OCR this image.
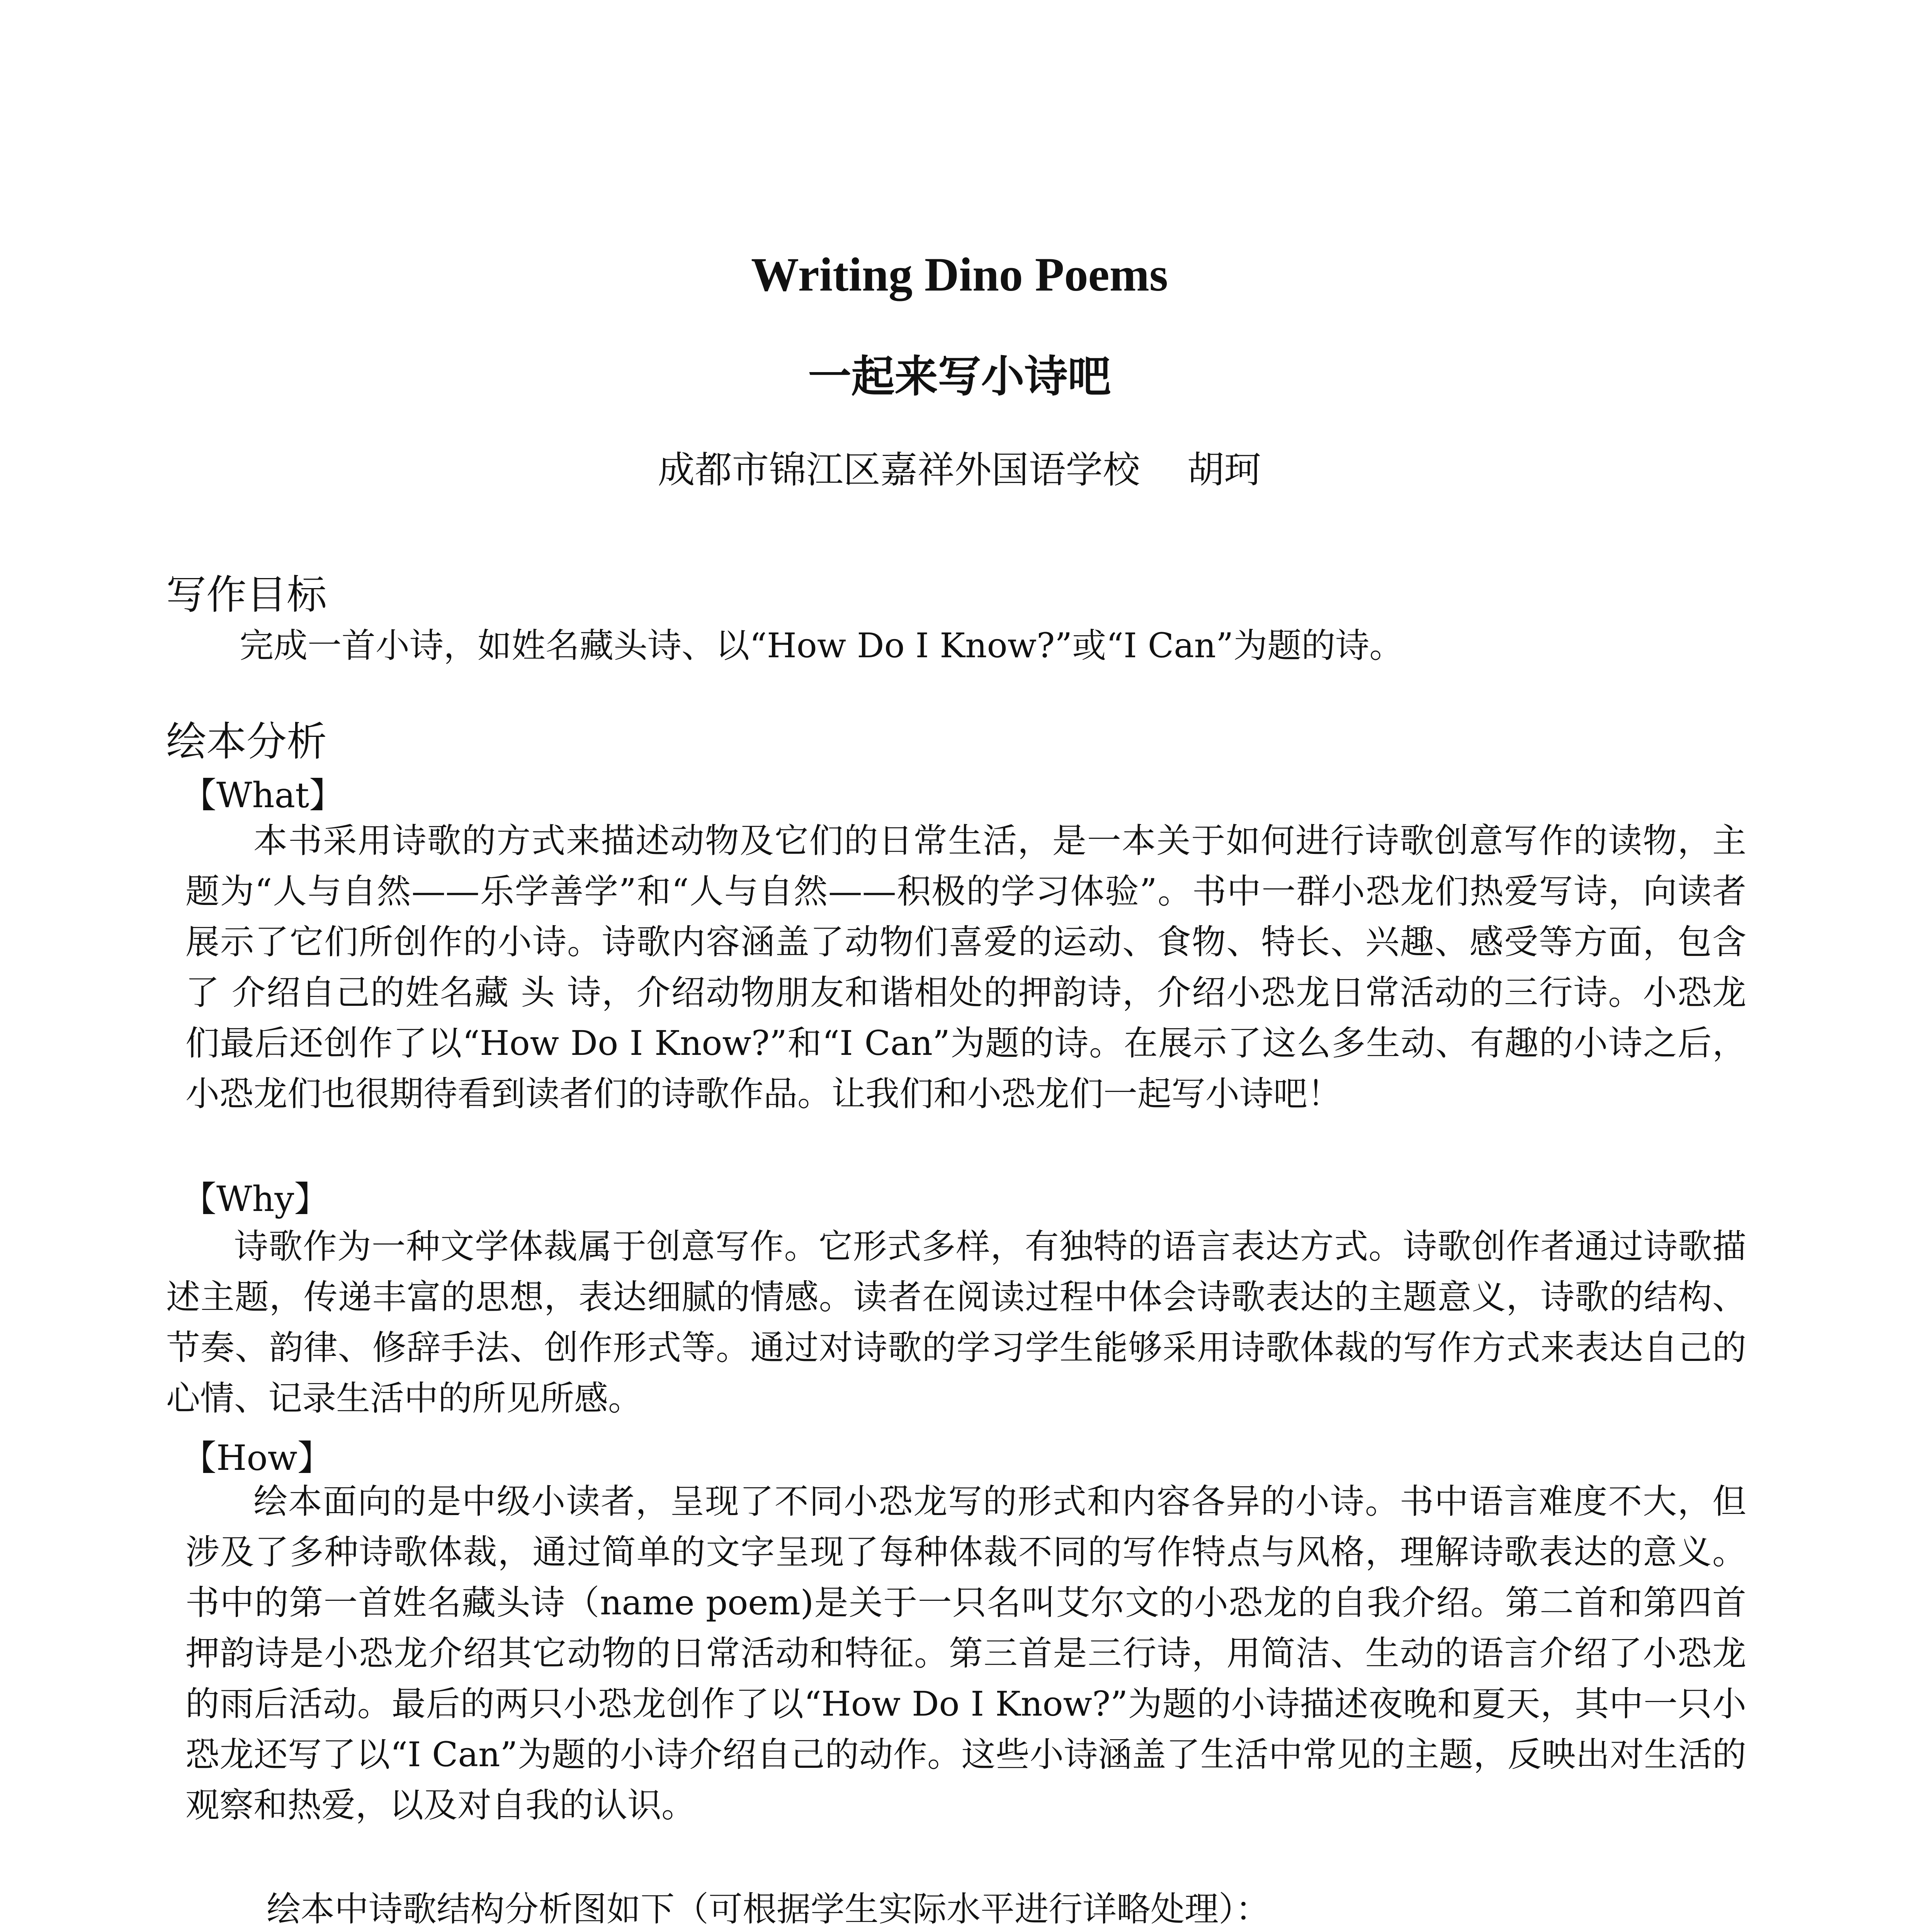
Writing Dino Poems
一起来写小诗吧
成都市锦江区嘉祥外国语学校    胡珂
写作目标
完成一首小诗，如姓名藏头诗、以“How Do I Know?”或“I Can”为题的诗。
绘本分析
【What】
本书采用诗歌的方式来描述动物及它们的日常生活，是一本关于如何进行诗歌创意写作的读物，主 题为“人与自然——乐学善学”和“人与自然——积极的学习体验”。书中一群小恐龙们热爱写诗，向读者展示了它们所创作的小诗。诗歌内容涵盖了动物们喜爱的运动、食物、特长、兴趣、感受等方面，包含了 介绍自己的姓名藏 头 诗，介绍动物朋友和谐相处的押韵诗，介绍小恐龙日常活动的三行诗。小恐龙们最后还创作了以“How Do I Know?”和“I Can”为题的诗。在展示了这么多生动、有趣的小诗之后，小恐龙们也很期待看到读者们的诗歌作品。让我们和小恐龙们一起写小诗吧！
【Why】
诗歌作为一种文学体裁属于创意写作。它形式多样，有独特的语言表达方式。诗歌创作者通过诗歌描述主题，传递丰富的思想，表达细腻的情感。读者在阅读过程中体会诗歌表达的主题意义，诗歌的结构、 节奏、韵律、修辞手法、创作形式等。通过对诗歌的学习学生能够采用诗歌体裁的写作方式来表达自己的 心情、记录生活中的所见所感。
【How】
绘本面向的是中级小读者，呈现了不同小恐龙写的形式和内容各异的小诗。书中语言难度不大，但涉及了多种诗歌体裁，通过简单的文字呈现了每种体裁不同的写作特点与风格，理解诗歌表达的意义。书中的第一首姓名藏头诗（name poem)是关于一只名叫艾尔文的小恐龙的自我介绍。第二首和第四首押韵诗是小恐龙介绍其它动物的日常活动和特征。第三首是三行诗，用简洁、生动的语言介绍了小恐龙的雨后活动。最后的两只小恐龙创作了以“How Do I Know?”为题的小诗描述夜晚和夏天，其中一只小恐龙还写了以“I Can”为题的小诗介绍自己的动作。这些小诗涵盖了生活中常见的主题，反映出对生活的观察和热爱，以及对自我的认识。
绘本中诗歌结构分析图如下（可根据学生实际水平进行详略处理）：
